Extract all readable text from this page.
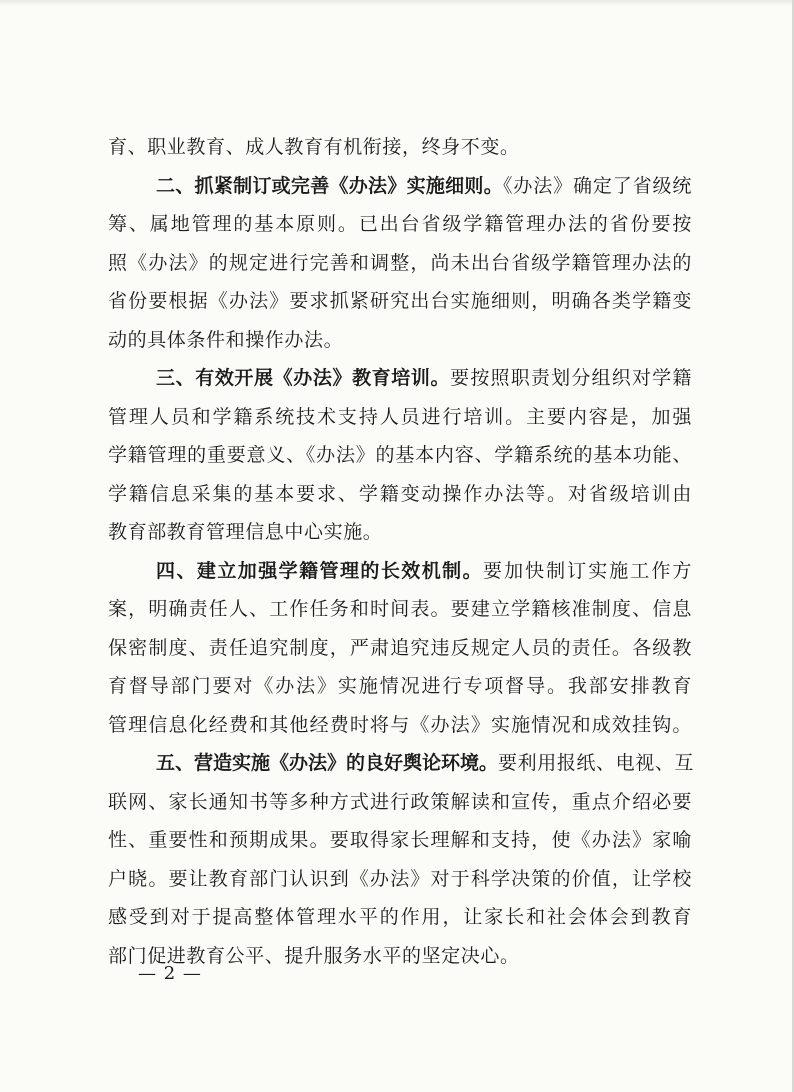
育、职业教育、成人教育有机衔接，终身不变。
二、抓紧制订或完善《办法》实施细则。《办法》确定了省级统
筹、属地管理的基本原则。已出台省级学籍管理办法的省份要按
照《办法》的规定进行完善和调整，尚未出台省级学籍管理办法的
省份要根据《办法》要求抓紧研究出台实施细则，明确各类学籍变
动的具体条件和操作办法。
三、有效开展《办法》教育培训。要按照职责划分组织对学籍
管理人员和学籍系统技术支持人员进行培训。主要内容是，加强
学籍管理的重要意义、《办法》的基本内容、学籍系统的基本功能、
学籍信息采集的基本要求、学籍变动操作办法等。对省级培训由
教育部教育管理信息中心实施。
四、建立加强学籍管理的长效机制。要加快制订实施工作方
案，明确责任人、工作任务和时间表。要建立学籍核准制度、信息
保密制度、责任追究制度，严肃追究违反规定人员的责任。各级教
育督导部门要对《办法》实施情况进行专项督导。我部安排教育
管理信息化经费和其他经费时将与《办法》实施情况和成效挂钩。
五、营造实施《办法》的良好舆论环境。要利用报纸、电视、互
联网、家长通知书等多种方式进行政策解读和宣传，重点介绍必要
性、重要性和预期成果。要取得家长理解和支持，使《办法》家喻
户晓。要让教育部门认识到《办法》对于科学决策的价值，让学校
感受到对于提高整体管理水平的作用，让家长和社会体会到教育
部门促进教育公平、提升服务水平的坚定决心。
— 2 —
